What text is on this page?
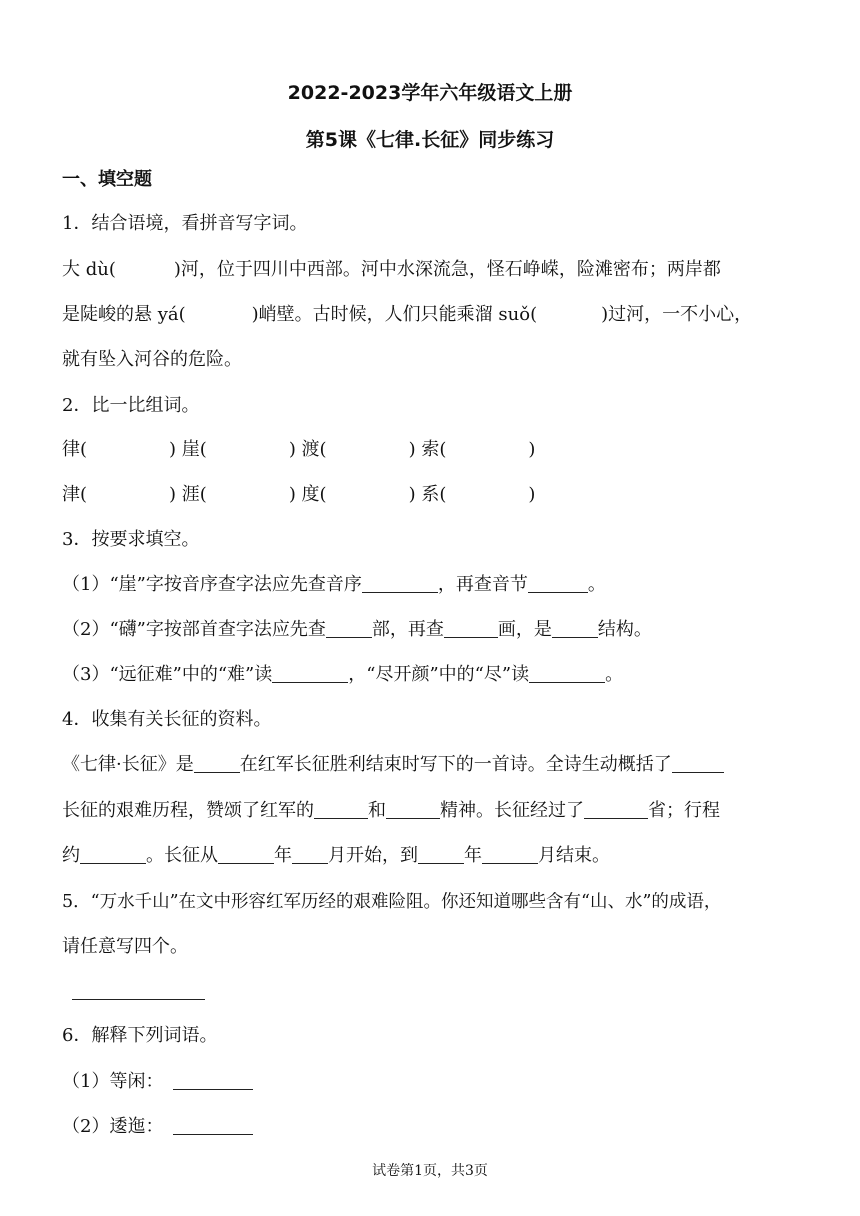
2022-2023学年六年级语文上册
第5课《七律.长征》同步练习
一、填空题
1．结合语境，看拼音写字词。
大 dù(	)河，位于四川中西部。河中水深流急，怪石峥嵘，险滩密布；两岸都
是陡峻的悬 yá(	)峭壁。古时候，人们只能乘溜 suǒ(	)过河，一不小心，
就有坠入河谷的危险。
2．比一比组词。
律(	) 崖(	) 渡(	) 索(	)
津(	) 涯(	) 度(	) 系(	)
3．按要求填空。
（1）“崖”字按音序查字法应先查音序	，再查音节	。
（2）“礴”字按部首查字法应先查	部，再查	画，是	结构。
（3）“远征难”中的“难”读	，“尽开颜”中的“尽”读	。
4．收集有关长征的资料。
《七律·长征》是	在红军长征胜利结束时写下的一首诗。全诗生动概括了
长征的艰难历程，赞颂了红军的	和	精神。长征经过了	省；行程
约	。长征从	年 月开始，到	年	月结束。
5．“万水千山”在文中形容红军历经的艰难险阻。你还知道哪些含有“山、水”的成语，
请任意写四个。
6．解释下列词语。
（1）等闲：
（2）逶迤：
试卷第1页，共3页
